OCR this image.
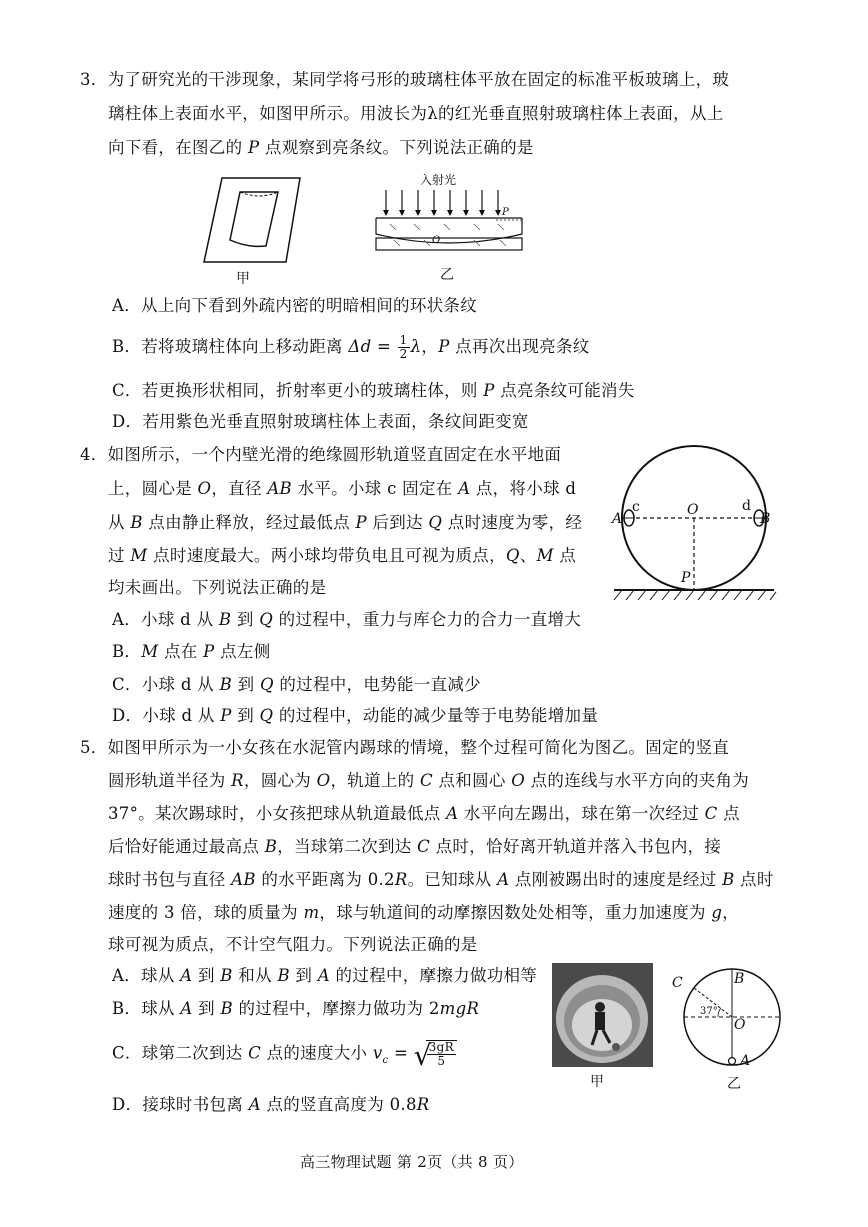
3．为了研究光的干涉现象，某同学将弓形的玻璃柱体平放在固定的标准平板玻璃上，玻
璃柱体上表面水平，如图甲所示。用波长为λ的红光垂直照射玻璃柱体上表面，从上
向下看，在图乙的 P 点观察到亮条纹。下列说法正确的是
甲
入射光
P
O
乙
A．从上向下看到外疏内密的明暗相间的环状条纹
B．若将玻璃柱体向上移动距离 $\Delta d = \frac{1}{2}$ λ，P 点再次出现亮条纹
C．若更换形状相同，折射率更小的玻璃柱体，则 P 点亮条纹可能消失
D．若用紫色光垂直照射玻璃柱体上表面，条纹间距变宽
4．如图所示，一个内壁光滑的绝缘圆形轨道竖直固定在水平地面
上，圆心是 O，直径 AB 水平。小球 c 固定在 A 点，将小球 d
从 B 点由静止释放，经过最低点 P 后到达 Q 点时速度为零，经
过 M 点时速度最大。两小球均带负电且可视为质点，Q、M 点
均未画出。下列说法正确的是
A．小球 d 从 B 到 Q 的过程中，重力与库仑力的合力一直增大
B．M 点在 P 点左侧
C．小球 d 从 B 到 Q 的过程中，电势能一直减少
D．小球 d 从 P 到 Q 的过程中，动能的减少量等于电势能增加量
A	B
c	d
O
P
5．如图甲所示为一小女孩在水泥管内踢球的情境，整个过程可简化为图乙。固定的竖直
圆形轨道半径为 R，圆心为 O，轨道上的 C 点和圆心 O 点的连线与水平方向的夹角为
37°。某次踢球时，小女孩把球从轨道最低点 A 水平向左踢出，球在第一次经过 C 点
后恰好能通过最高点 B，当球第二次到达 C 点时，恰好离开轨道并落入书包内，接
球时书包与直径 AB 的水平距离为 0.2R。已知球从 A 点刚被踢出时的速度是经过 B 点时
速度的 3 倍，球的质量为 m，球与轨道间的动摩擦因数处处相等，重力加速度为 g，
球可视为质点，不计空气阻力。下列说法正确的是
A．球从 A 到 B 和从 B 到 A 的过程中，摩擦力做功相等
B．球从 A 到 B 的过程中，摩擦力做功为 2mgR
C．球第二次到达 C 点的速度大小 $v_c$ = √
$\frac{3gR}{5}$
D．接球时书包离 A 点的竖直高度为 0.8R
甲
C	B
O
A
37°
乙
高三物理试题 第 2页（共 8 页）
